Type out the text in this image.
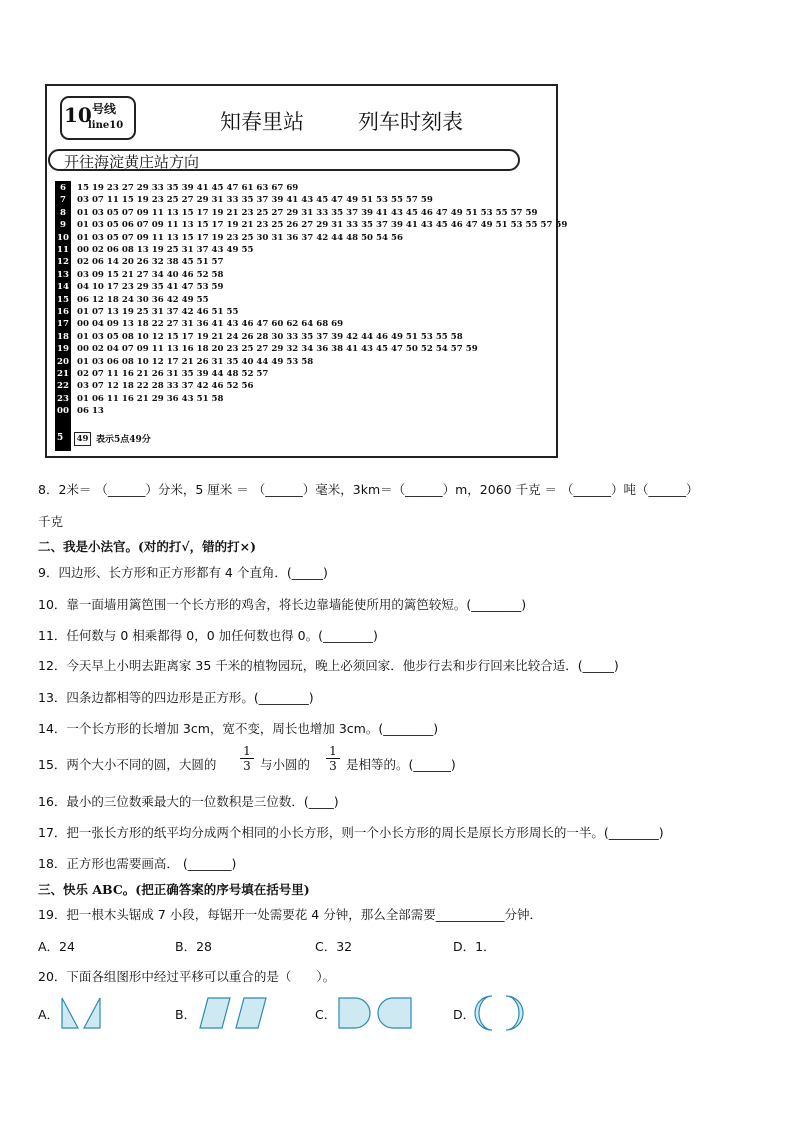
10 号线
line10	知春里站	列车时刻表
开往海淀黄庄站方向
6 15 19 23 27 29 33 35 39 41 45 47 61 63 67 69
7 03 07 11 15 19 23 25 27 29 31 33 35 37 39 41 43 45 47 49 51 53 55 57 59
8 01 03 05 07 09 11 13 15 17 19 21 23 25 27 29 31 33 35 37 39 41 43 45 46 47 49 51 53 55 57 59
9 01 03 05 06 07 09 11 13 15 17 19 21 23 25 26 27 29 31 33 35 37 39 41 43 45 46 47 49 51 53 55 57 59
10 01 03 05 07 09 11 13 15 17 19 23 25 30 31 36 37 42 44 48 50 54 56
11 00 02 06 08 13 19 25 31 37 43 49 55
12 02 06 14 20 26 32 38 45 51 57
13 03 09 15 21 27 34 40 46 52 58
14 04 10 17 23 29 35 41 47 53 59
15 06 12 18 24 30 36 42 49 55
16 01 07 13 19 25 31 37 42 46 51 55
17 00 04 09 13 18 22 27 31 36 41 43 46 47 60 62 64 68 69
18 01 03 05 08 10 12 15 17 19 21 24 26 28 30 33 35 37 39 42 44 46 49 51 53 55 58
19 00 02 04 07 09 11 13 16 18 20 23 25 27 29 32 34 36 38 41 43 45 47 50 52 54 57 59
20 01 03 06 08 10 12 17 21 26 31 35 40 44 49 53 58
21 02 07 11 16 21 26 31 35 39 44 48 52 57
22 03 07 12 18 22 28 33 37 42 46 52 56
23 01 06 11 16 21 29 36 43 51 58
00 06 13
5	49 表示5点49分
8．2米＝ （______）分米，5 厘米 ＝ （______）毫米，3km＝（______）m，2060 千克 ＝ （______）吨（______）
千克
二、我是小法官。(对的打√，错的打×)
9．四边形、长方形和正方形都有 4 个直角．(_____)
10．靠一面墙用篱笆围一个长方形的鸡舍，将长边靠墙能使所用的篱笆较短。(________)
11．任何数与 0 相乘都得 0，0 加任何数也得 0。(________)
12．今天早上小明去距离家 35 千米的植物园玩，晚上必须回家．他步行去和步行回来比较合适．(_____)
13．四条边都相等的四边形是正方形。(________)
14．一个长方形的长增加 3cm，宽不变，周长也增加 3cm。(________)
15．两个大小不同的圆，大圆的 $\frac{1}{3}$ 与小圆的 $\frac{1}{3}$ 是相等的。(______)
16．最小的三位数乘最大的一位数积是三位数．(____)
17．把一张长方形的纸平均分成两个相同的小长方形，则一个小长方形的周长是原长方形周长的一半。(________)
18．正方形也需要画高． (_______)
三、快乐 ABC。(把正确答案的序号填在括号里)
19．把一根木头锯成 7 小段，每锯开一处需要花 4 分钟，那么全部需要___________分钟．
A．24	B．28	C．32	D．1．
20．下面各组图形中经过平移可以重合的是（　　）。
A．	B．	C．	D．
